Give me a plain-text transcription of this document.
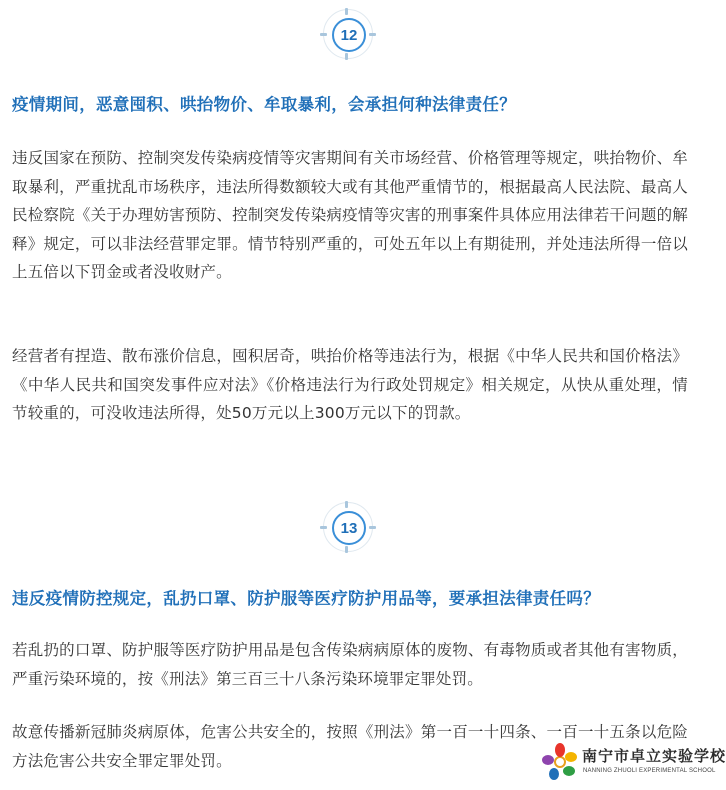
12
疫情期间，恶意囤积、哄抬物价、牟取暴利，会承担何种法律责任？

违反国家在预防、控制突发传染病疫情等灾害期间有关市场经营、价格管理等规定，哄抬物价、牟取暴利，严重扰乱市场秩序，违法所得数额较大或有其他严重情节的，根据最高人民法院、最高人民检察院《关于办理妨害预防、控制突发传染病疫情等灾害的刑事案件具体应用法律若干问题的解释》规定，可以非法经营罪定罪。情节特别严重的，可处五年以上有期徒刑，并处违法所得一倍以上五倍以下罚金或者没收财产。

经营者有捏造、散布涨价信息，囤积居奇，哄抬价格等违法行为，根据《中华人民共和国价格法》《中华人民共和国突发事件应对法》《价格违法行为行政处罚规定》相关规定，从快从重处理，情节较重的，可没收违法所得，处50万元以上300万元以下的罚款。

13
违反疫情防控规定，乱扔口罩、防护服等医疗防护用品等，要承担法律责任吗？

若乱扔的口罩、防护服等医疗防护用品是包含传染病病原体的废物、有毒物质或者其他有害物质，严重污染环境的，按《刑法》第三百三十八条污染环境罪定罪处罚。

故意传播新冠肺炎病原体，危害公共安全的，按照《刑法》第一百一十四条、一百一十五条以危险方法危害公共安全罪定罪处罚。	南宁市卓立实验学校
NANNING ZHUOLI EXPERIMENTAL SCHOOL
